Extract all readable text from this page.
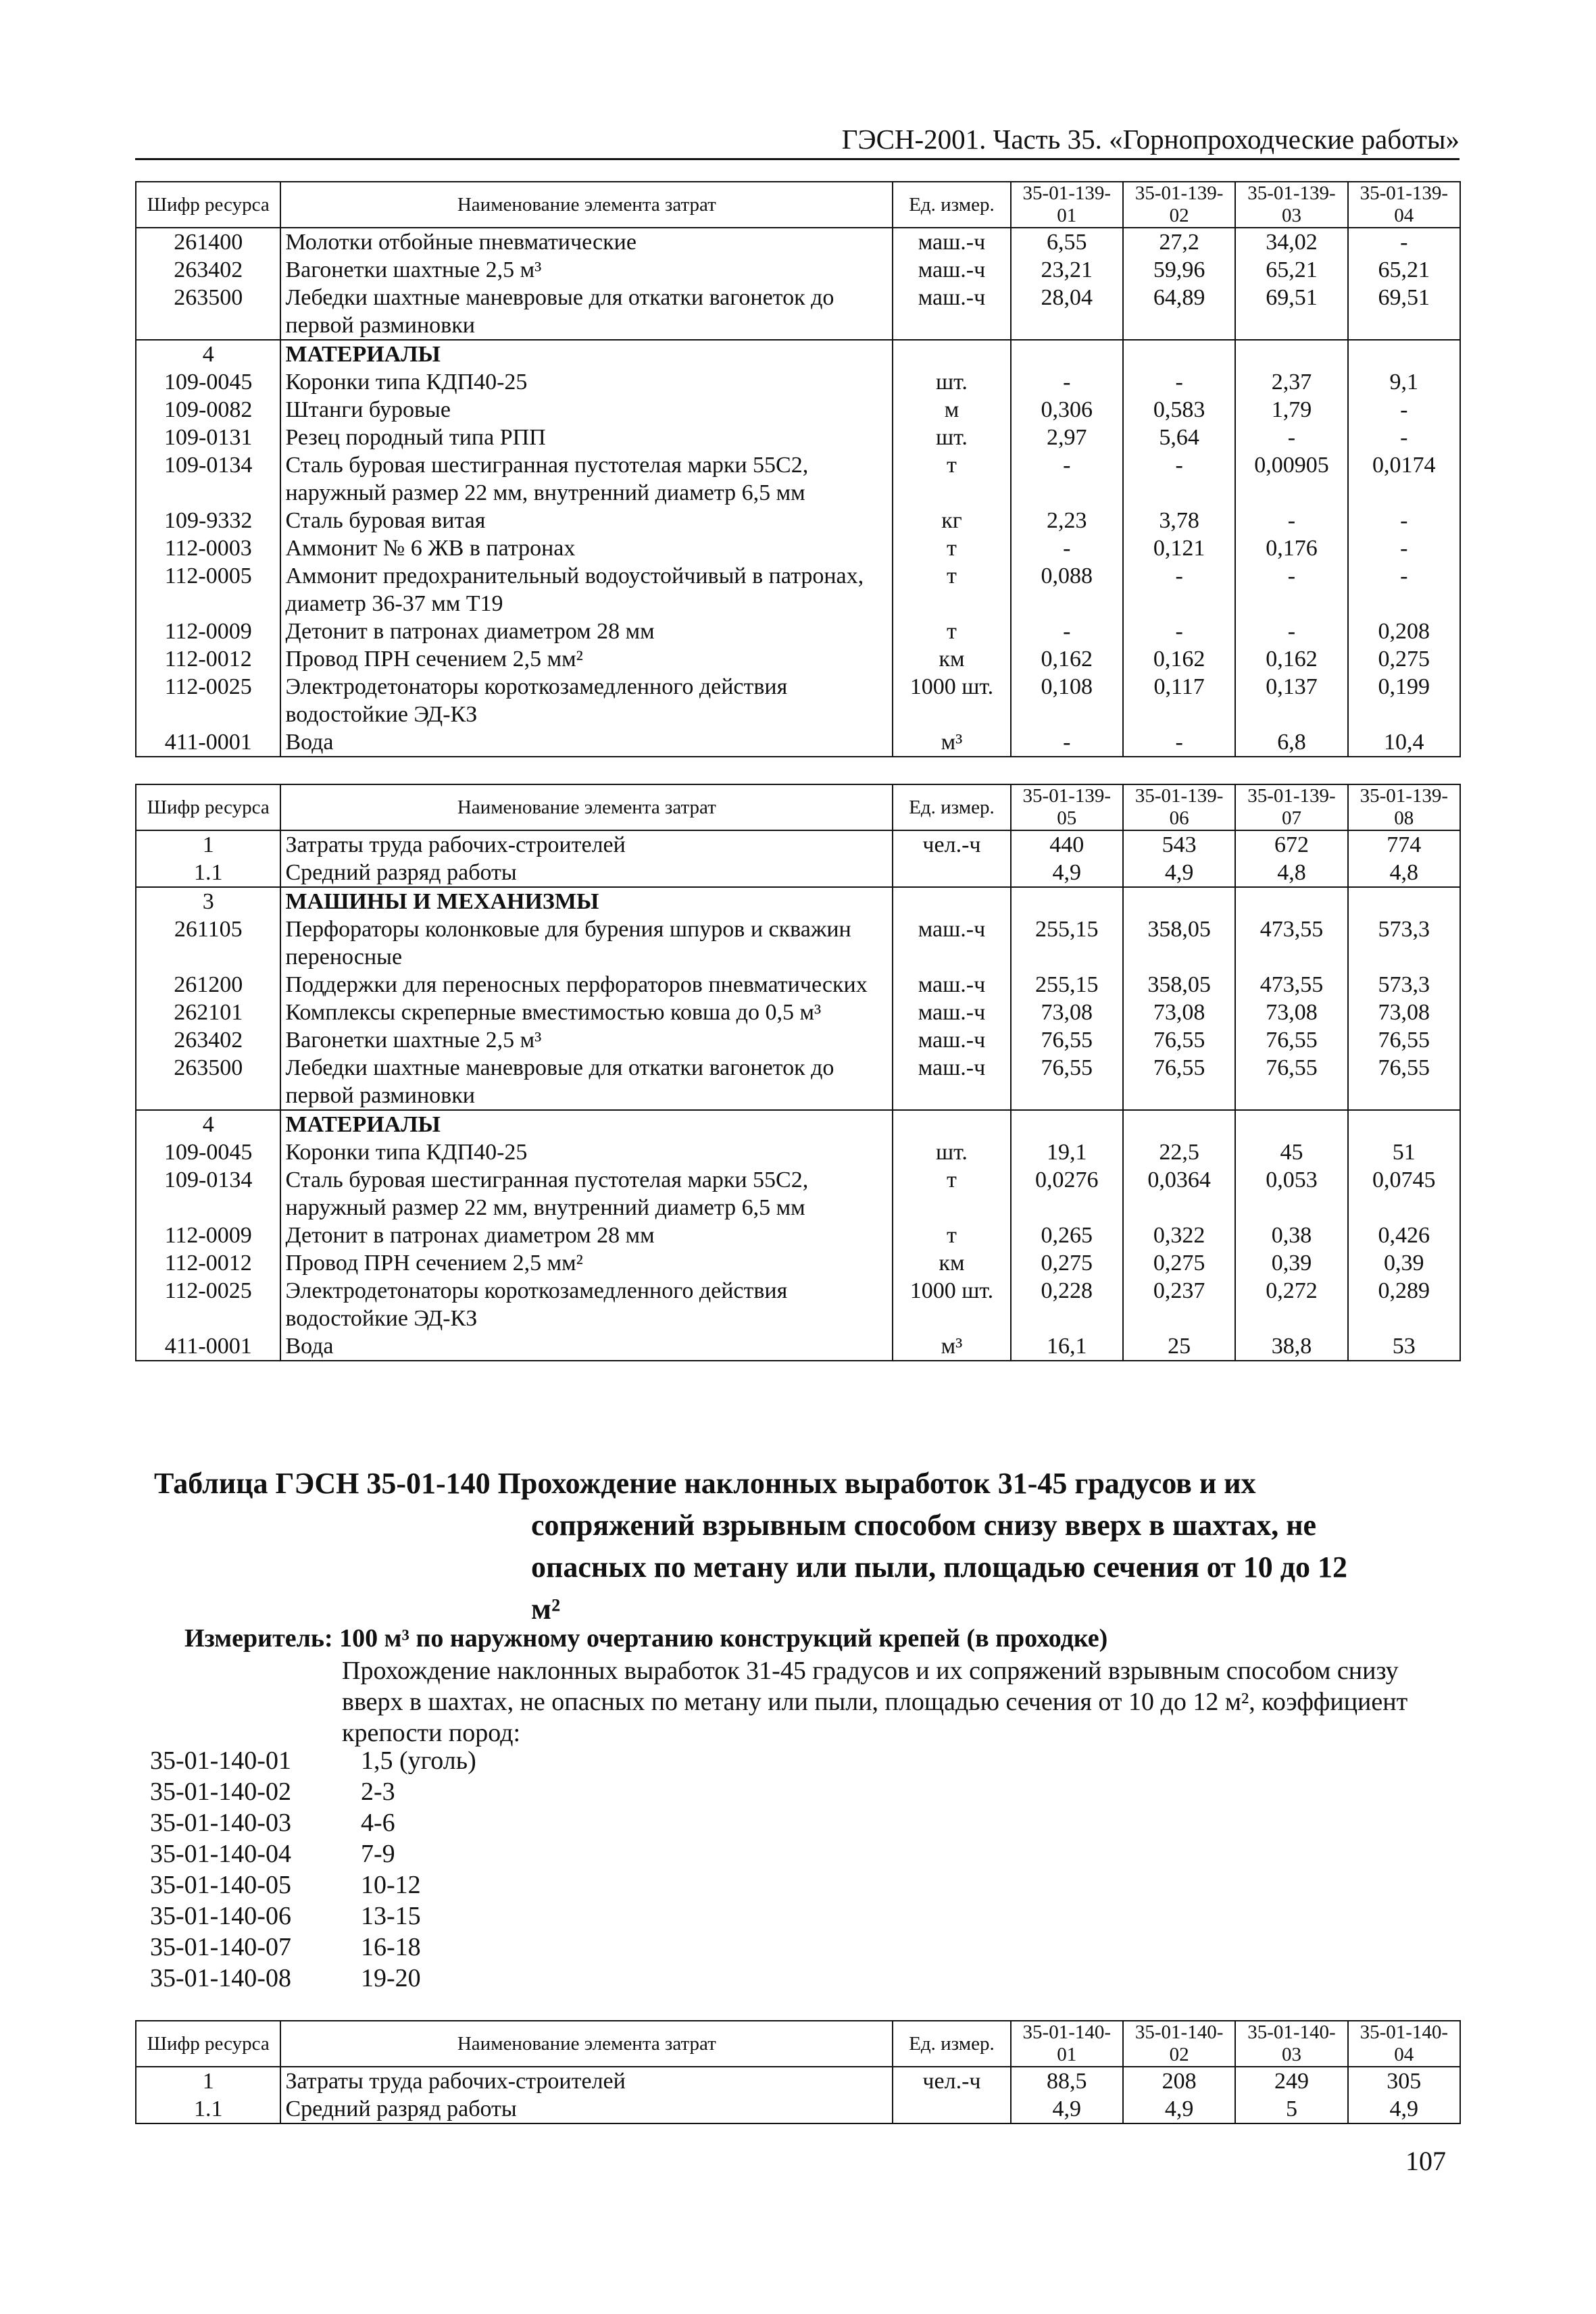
ГЭСН-2001. Часть 35. «Горнопроходческие работы»
Шифр ресурса	Наименование элемента затрат	Ед. измер.	35-01-139-01	35-01-139-02	35-01-139-03	35-01-139-04
261400	Молотки отбойные пневматические	маш.-ч	6,55	27,2	34,02	-
263402	Вагонетки шахтные 2,5 м³	маш.-ч	23,21	59,96	65,21	65,21
263500	Лебедки шахтные маневровые для откатки вагонеток до первой разминовки	маш.-ч	28,04	64,89	69,51	69,51
4	МАТЕРИАЛЫ					
109-0045	Коронки типа КДП40-25	шт.	-	-	2,37	9,1
109-0082	Штанги буровые	м	0,306	0,583	1,79	-
109-0131	Резец породный типа РПП	шт.	2,97	5,64	-	-
109-0134	Сталь буровая шестигранная пустотелая марки 55С2, наружный размер 22 мм, внутренний диаметр 6,5 мм	т	-	-	0,00905	0,0174
109-9332	Сталь буровая витая	кг	2,23	3,78	-	-
112-0003	Аммонит № 6 ЖВ в патронах	т	-	0,121	0,176	-
112-0005	Аммонит предохранительный водоустойчивый в патронах, диаметр 36-37 мм Т19	т	0,088	-	-	-
112-0009	Детонит в патронах диаметром 28 мм	т	-	-	-	0,208
112-0012	Провод ПРН сечением 2,5 мм²	км	0,162	0,162	0,162	0,275
112-0025	Электродетонаторы короткозамедленного действия водостойкие ЭД-КЗ	1000 шт.	0,108	0,117	0,137	0,199
411-0001	Вода	м³	-	-	6,8	10,4
Шифр ресурса	Наименование элемента затрат	Ед. измер.	35-01-139-05	35-01-139-06	35-01-139-07	35-01-139-08
1	Затраты труда рабочих-строителей	чел.-ч	440	543	672	774
1.1	Средний разряд работы		4,9	4,9	4,8	4,8
3	МАШИНЫ И МЕХАНИЗМЫ					
261105	Перфораторы колонковые для бурения шпуров и скважин переносные	маш.-ч	255,15	358,05	473,55	573,3
261200	Поддержки для переносных перфораторов пневматических	маш.-ч	255,15	358,05	473,55	573,3
262101	Комплексы скреперные вместимостью ковша до 0,5 м³	маш.-ч	73,08	73,08	73,08	73,08
263402	Вагонетки шахтные 2,5 м³	маш.-ч	76,55	76,55	76,55	76,55
263500	Лебедки шахтные маневровые для откатки вагонеток до первой разминовки	маш.-ч	76,55	76,55	76,55	76,55
4	МАТЕРИАЛЫ					
109-0045	Коронки типа КДП40-25	шт.	19,1	22,5	45	51
109-0134	Сталь буровая шестигранная пустотелая марки 55С2, наружный размер 22 мм, внутренний диаметр 6,5 мм	т	0,0276	0,0364	0,053	0,0745
112-0009	Детонит в патронах диаметром 28 мм	т	0,265	0,322	0,38	0,426
112-0012	Провод ПРН сечением 2,5 мм²	км	0,275	0,275	0,39	0,39
112-0025	Электродетонаторы короткозамедленного действия водостойкие ЭД-КЗ	1000 шт.	0,228	0,237	0,272	0,289
411-0001	Вода	м³	16,1	25	38,8	53
Таблица ГЭСН 35-01-140 Прохождение наклонных выработок 31-45 градусов и их
сопряжений взрывным способом снизу вверх в шахтах, не
опасных по метану или пыли, площадью сечения от 10 до 12
м²
Измеритель: 100 м³ по наружному очертанию конструкций крепей (в проходке)
Прохождение наклонных выработок 31-45 градусов и их сопряжений взрывным способом снизу вверх в шахтах, не опасных по метану или пыли, площадью сечения от 10 до 12 м², коэффициент крепости пород:
35-01-140-01	1,5 (уголь)
35-01-140-02	2-3
35-01-140-03	4-6
35-01-140-04	7-9
35-01-140-05	10-12
35-01-140-06	13-15
35-01-140-07	16-18
35-01-140-08	19-20
Шифр ресурса	Наименование элемента затрат	Ед. измер.	35-01-140-01	35-01-140-02	35-01-140-03	35-01-140-04
1	Затраты труда рабочих-строителей	чел.-ч	88,5	208	249	305
1.1	Средний разряд работы		4,9	4,9	5	4,9
107
